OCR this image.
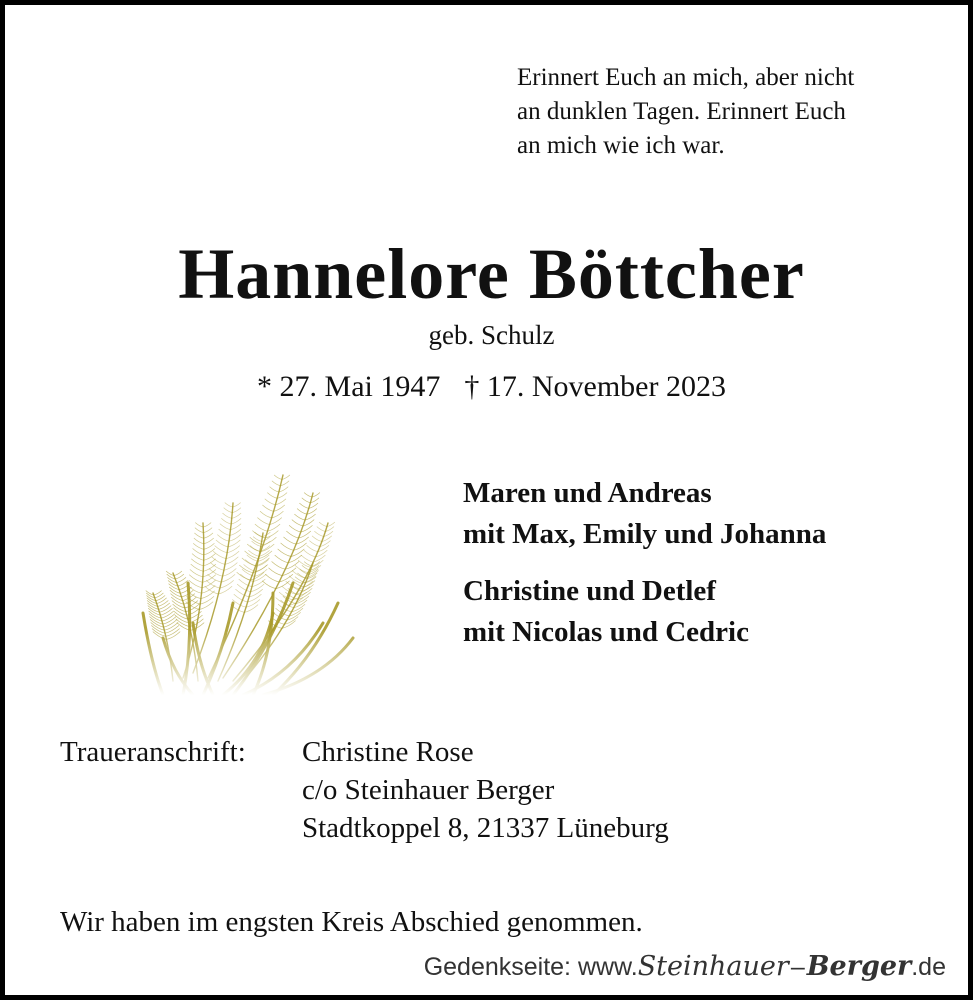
Erinnert Euch an mich, aber nicht
an dunklen Tagen. Erinnert Euch
an mich wie ich war.
Hannelore Böttcher
geb. Schulz
* 27. Mai 1947 † 17. November 2023
Maren und Andreas
mit Max, Emily und Johanna
Christine und Detlef
mit Nicolas und Cedric
Traueranschrift: Christine Rose
c/o Steinhauer Berger
Stadtkoppel 8, 21337 Lüneburg
Wir haben im engsten Kreis Abschied genommen.
Gedenkseite: www. Steinhauer – Berger .de
